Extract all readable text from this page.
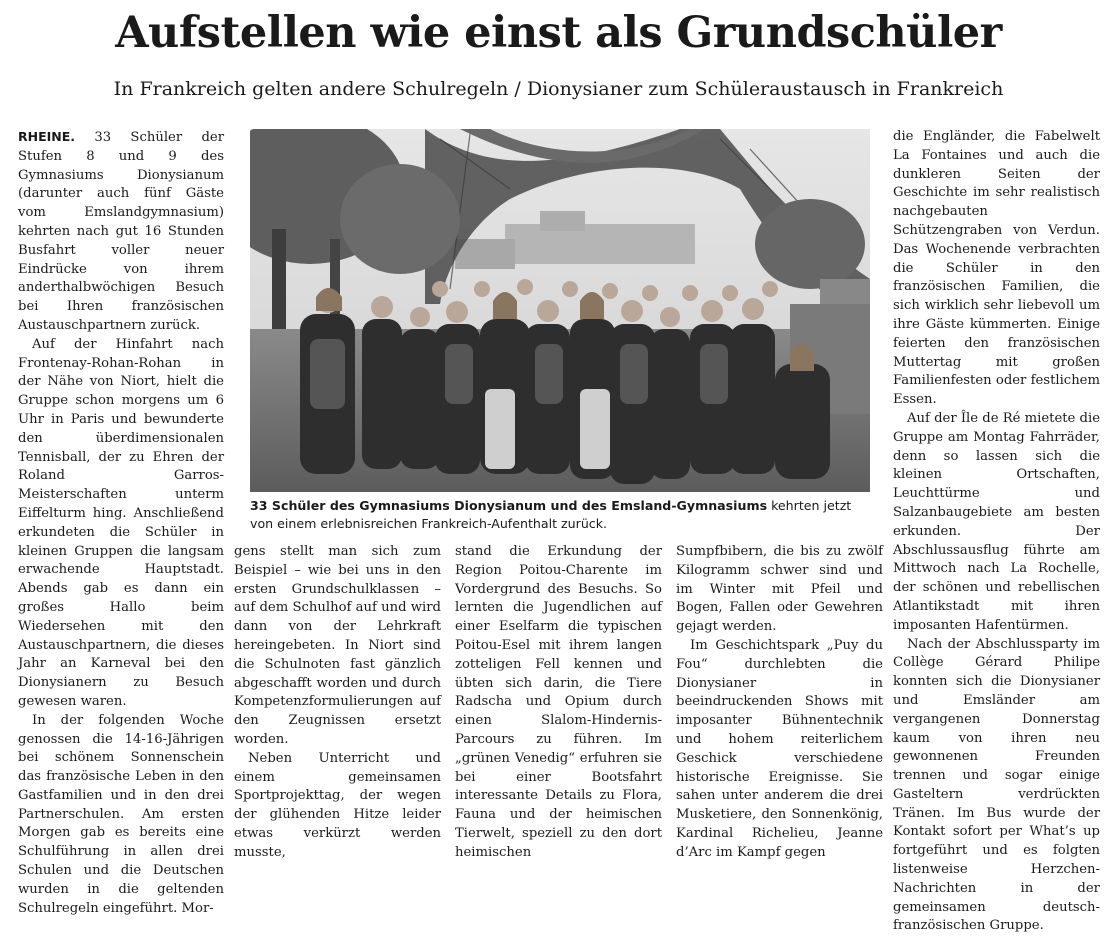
Aufstellen wie einst als Grundschüler
In Frankreich gelten andere Schulregeln / Dionysianer zum Schüleraustausch in Frankreich

RHEINE. 33 Schüler der Stufen 8 und 9 des Gymnasiums Dionysianum (darunter auch fünf Gäste vom Emslandgymnasium) kehrten nach gut 16 Stunden Busfahrt voller neuer Eindrücke von ihrem anderthalbwöchigen Besuch bei Ihren französischen Austauschpartnern zurück.

Auf der Hinfahrt nach Frontenay-Rohan-Rohan in der Nähe von Niort, hielt die Gruppe schon morgens um 6 Uhr in Paris und bewunderte den überdimensionalen Tennisball, der zu Ehren der Roland Garros-Meisterschaften unterm Eiffelturm hing. Anschließend erkundeten die Schüler in kleinen Gruppen die langsam erwachende Hauptstadt. Abends gab es dann ein großes Hallo beim Wiedersehen mit den Austauschpartnern, die dieses Jahr an Karneval bei den Dionysianern zu Besuch gewesen waren.

In der folgenden Woche genossen die 14-16-Jährigen bei schönem Sonnenschein das französische Leben in den Gastfamilien und in den drei Partnerschulen. Am ersten Morgen gab es bereits eine Schulführung in allen drei Schulen und die Deutschen wurden in die geltenden Schulregeln eingeführt. Mor-

33 Schüler des Gymnasiums Dionysianum und des Emsland-Gymnasiums kehrten jetzt von einem erlebnisreichen Frankreich-Aufenthalt zurück.

gens stellt man sich zum Beispiel – wie bei uns in den ersten Grundschulklassen – auf dem Schulhof auf und wird dann von der Lehrkraft hereingebeten. In Niort sind die Schulnoten fast gänzlich abgeschafft worden und durch Kompetenzformulierungen auf den Zeugnissen ersetzt worden.

Neben Unterricht und einem gemeinsamen Sportprojekttag, der wegen der glühenden Hitze leider etwas verkürzt werden musste,

stand die Erkundung der Region Poitou-Charente im Vordergrund des Besuchs. So lernten die Jugendlichen auf einer Eselfarm die typischen Poitou-Esel mit ihrem langen zotteligen Fell kennen und übten sich darin, die Tiere Radscha und Opium durch einen Slalom-Hindernis-Parcours zu führen. Im „grünen Venedig“ erfuhren sie bei einer Bootsfahrt interessante Details zu Flora, Fauna und der heimischen Tierwelt, speziell zu den dort heimischen

Sumpfbibern, die bis zu zwölf Kilogramm schwer sind und im Winter mit Pfeil und Bogen, Fallen oder Gewehren gejagt werden.

Im Geschichtspark „Puy du Fou“ durchlebten die Dionysianer in beeindruckenden Shows mit imposanter Bühnentechnik und hohem reiterlichem Geschick verschiedene historische Ereignisse. Sie sahen unter anderem die drei Musketiere, den Sonnenkönig, Kardinal Richelieu, Jeanne d’Arc im Kampf gegen

die Engländer, die Fabelwelt La Fontaines und auch die dunkleren Seiten der Geschichte im sehr realistisch nachgebauten Schützengraben von Verdun. Das Wochenende verbrachten die Schüler in den französischen Familien, die sich wirklich sehr liebevoll um ihre Gäste kümmerten. Einige feierten den französischen Muttertag mit großen Familienfesten oder festlichem Essen.

Auf der Île de Ré mietete die Gruppe am Montag Fahrräder, denn so lassen sich die kleinen Ortschaften, Leuchttürme und Salzanbaugebiete am besten erkunden. Der Abschlussausflug führte am Mittwoch nach La Rochelle, der schönen und rebellischen Atlantikstadt mit ihren imposanten Hafentürmen.

Nach der Abschlussparty im Collège Gérard Philipe konnten sich die Dionysianer und Emsländer am vergangenen Donnerstag kaum von ihren neu gewonnenen Freunden trennen und sogar einige Gasteltern verdrückten Tränen. Im Bus wurde der Kontakt sofort per What’s up fortgeführt und es folgten listenweise Herzchen-Nachrichten in der gemeinsamen deutsch-französischen Gruppe.
